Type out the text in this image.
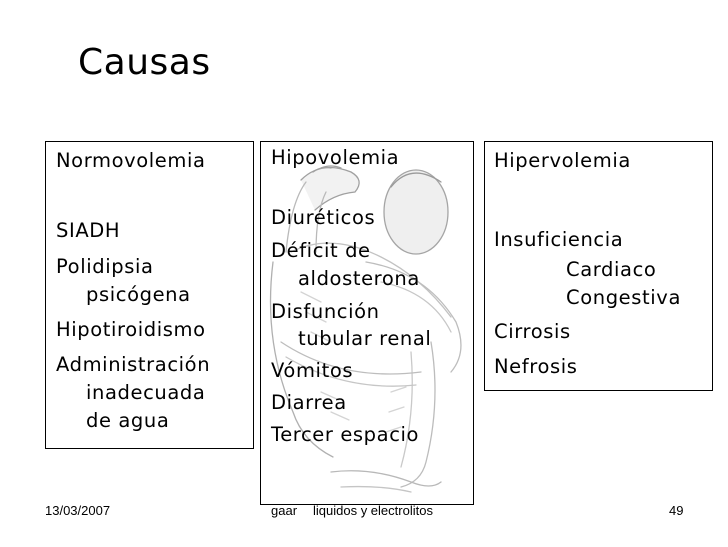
Causas
Normovolemia
SIADH
Polidipsia
psicógena
Hipotiroidismo
Administración
inadecuada
de agua
Hipovolemia
Diuréticos
Déficit de
aldosterona
Disfunción
tubular renal
Vómitos
Diarrea
Tercer espacio
Hipervolemia
Insuficiencia
Cardiaco
Congestiva
Cirrosis
Nefrosis
13/03/2007	gaar liquidos y electrolitos	49
